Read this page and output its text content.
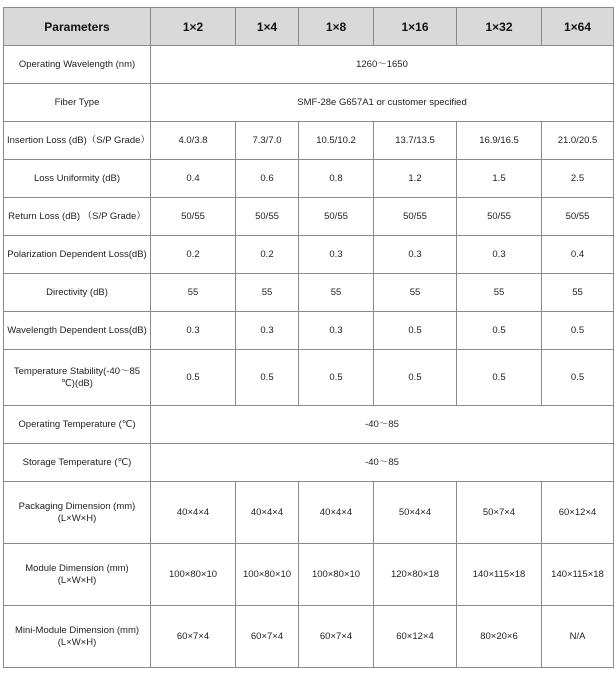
Parameters	1×2	1×4	1×8	1×16	1×32	1×64
Operating Wavelength (nm)	1260～1650					
Fiber Type	SMF-28e G657A1 or customer specified					
Insertion Loss (dB)（S/P Grade）	4.0/3.8	7.3/7.0	10.5/10.2	13.7/13.5	16.9/16.5	21.0/20.5
Loss Uniformity (dB)	0.4	0.6	0.8	1.2	1.5	2.5
Return Loss (dB) （S/P Grade）	50/55	50/55	50/55	50/55	50/55	50/55
Polarization Dependent Loss(dB)	0.2	0.2	0.3	0.3	0.3	0.4
Directivity (dB)	55	55	55	55	55	55
Wavelength Dependent Loss(dB)	0.3	0.3	0.3	0.5	0.5	0.5
Temperature Stability(-40～85 ℃)(dB)	0.5	0.5	0.5	0.5	0.5	0.5
Operating Temperature (℃)	-40～85					
Storage Temperature (℃)	-40～85					
Packaging Dimension (mm) (L×W×H)	40×4×4	40×4×4	40×4×4	50×4×4	50×7×4	60×12×4
Module Dimension (mm) (L×W×H)	100×80×10	100×80×10	100×80×10	120×80×18	140×115×18	140×115×18
Mini-Module Dimension (mm) (L×W×H)	60×7×4	60×7×4	60×7×4	60×12×4	80×20×6	N/A
